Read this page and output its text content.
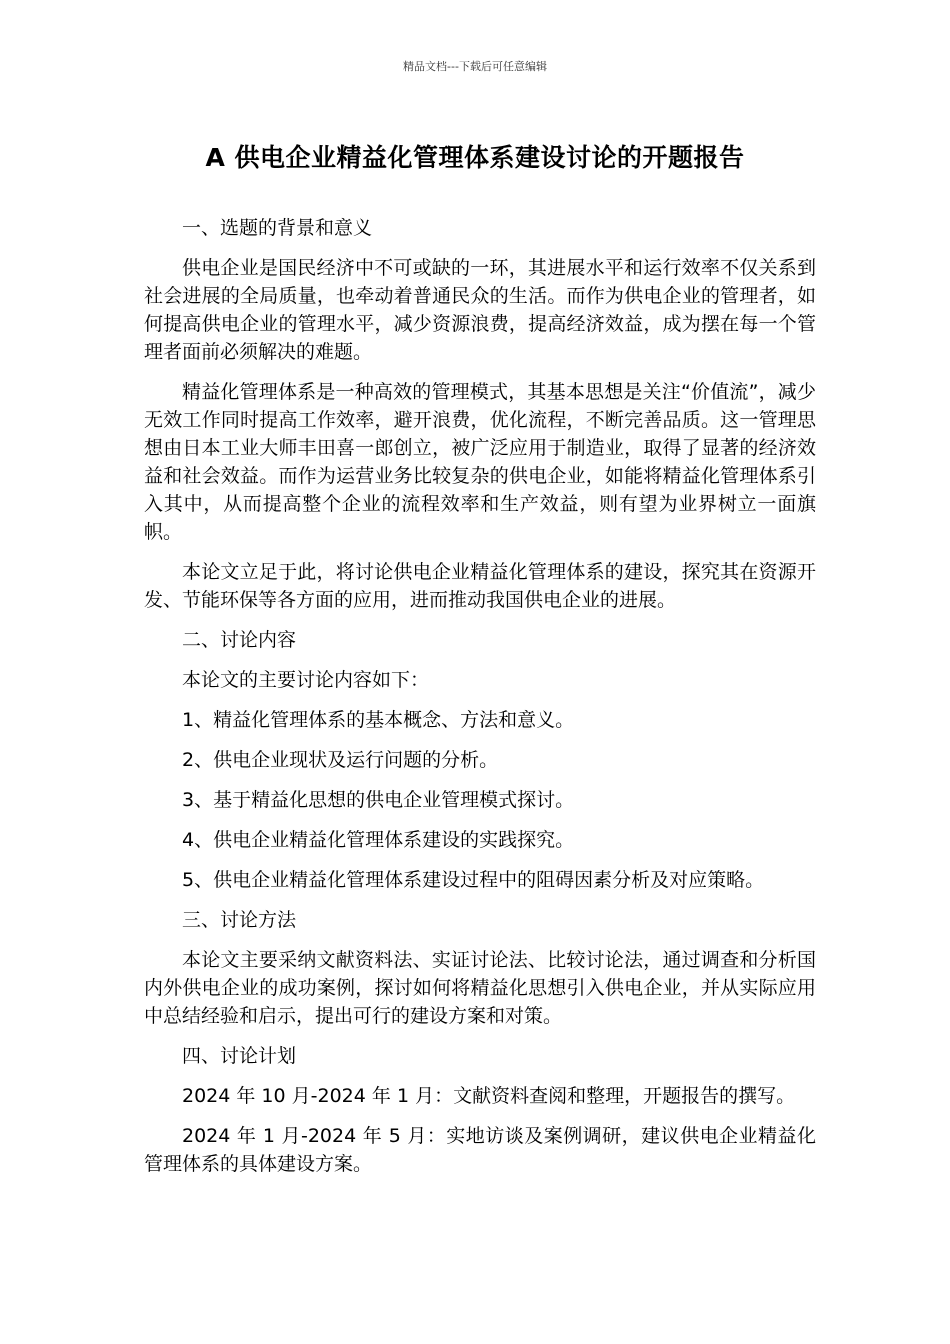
精品文档---下载后可任意编辑
A 供电企业精益化管理体系建设讨论的开题报告

一、选题的背景和意义

供电企业是国民经济中不可或缺的一环，其进展水平和运行效率不仅关系到社会进展的全局质量，也牵动着普通民众的生活。而作为供电企业的管理者，如何提高供电企业的管理水平，减少资源浪费，提高经济效益，成为摆在每一个管理者面前必须解决的难题。

精益化管理体系是一种高效的管理模式，其基本思想是关注“价值流”，减少无效工作同时提高工作效率，避开浪费，优化流程，不断完善品质。这一管理思想由日本工业大师丰田喜一郎创立，被广泛应用于制造业，取得了显著的经济效益和社会效益。而作为运营业务比较复杂的供电企业，如能将精益化管理体系引入其中，从而提高整个企业的流程效率和生产效益，则有望为业界树立一面旗帜。

本论文立足于此，将讨论供电企业精益化管理体系的建设，探究其在资源开发、节能环保等各方面的应用，进而推动我国供电企业的进展。

二、讨论内容

本论文的主要讨论内容如下：

1、精益化管理体系的基本概念、方法和意义。

2、供电企业现状及运行问题的分析。

3、基于精益化思想的供电企业管理模式探讨。

4、供电企业精益化管理体系建设的实践探究。

5、供电企业精益化管理体系建设过程中的阻碍因素分析及对应策略。

三、讨论方法

本论文主要采纳文献资料法、实证讨论法、比较讨论法，通过调查和分析国内外供电企业的成功案例，探讨如何将精益化思想引入供电企业，并从实际应用中总结经验和启示，提出可行的建设方案和对策。

四、讨论计划

2024 年 10 月-2024 年 1 月：文献资料查阅和整理，开题报告的撰写。

2024 年 1 月-2024 年 5 月：实地访谈及案例调研，建议供电企业精益化管理体系的具体建设方案。
